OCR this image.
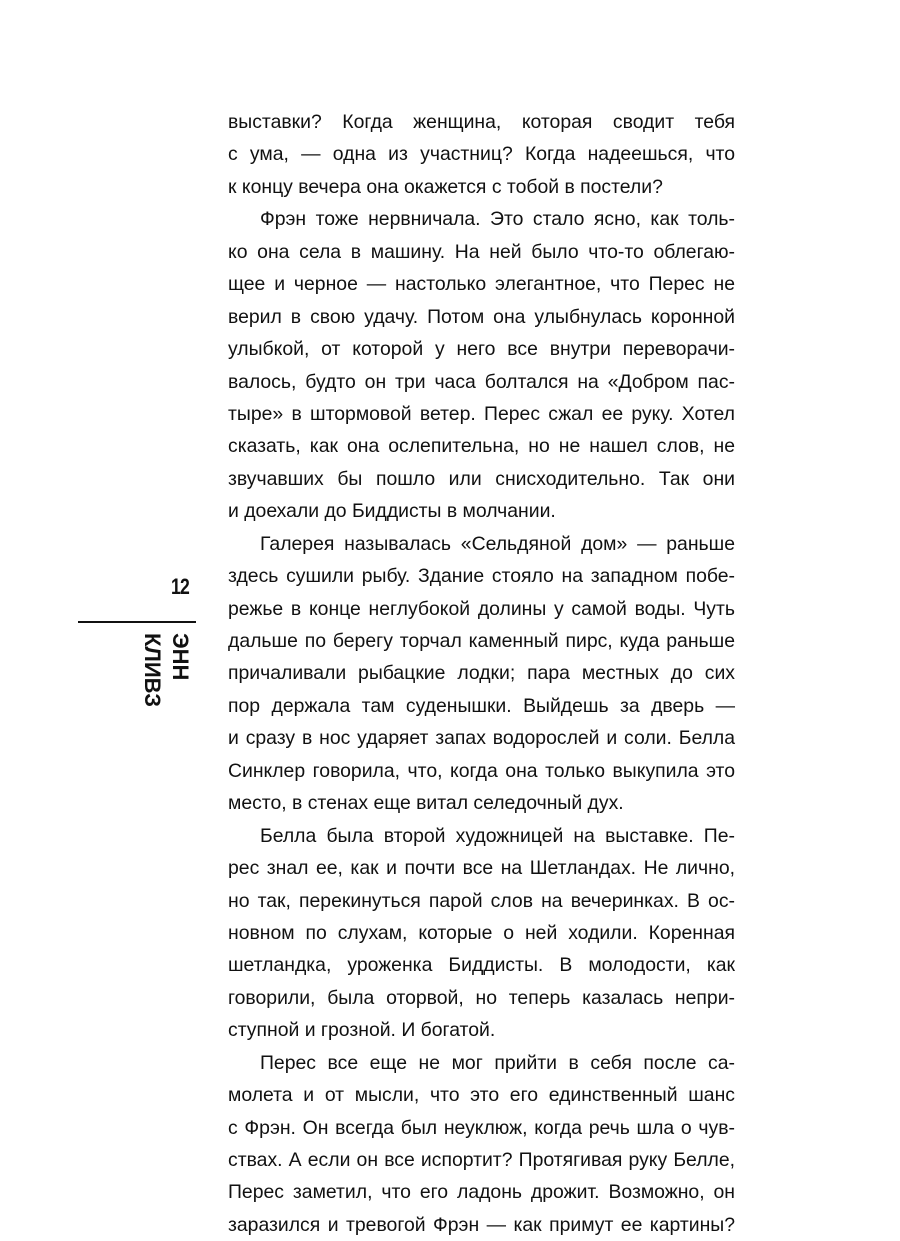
выставки? Когда женщина, которая сводит тебя
с ума, — одна из участниц? Когда надеешься, что
к концу вечера она окажется с тобой в постели?
Фрэн тоже нервничала. Это стало ясно, как толь-
ко она села в машину. На ней было что-то облегаю-
щее и черное — настолько элегантное, что Перес не
верил в свою удачу. Потом она улыбнулась коронной
улыбкой, от которой у него все внутри переворачи-
валось, будто он три часа болтался на «Добром пас-
тыре» в штормовой ветер. Перес сжал ее руку. Хотел
сказать, как она ослепительна, но не нашел слов, не
звучавших бы пошло или снисходительно. Так они
и доехали до Биддисты в молчании.
Галерея называлась «Сельдяной дом» — раньше
здесь сушили рыбу. Здание стояло на западном побе-
режье в конце неглубокой долины у самой воды. Чуть
дальше по берегу торчал каменный пирс, куда раньше
причаливали рыбацкие лодки; пара местных до сих
пор держала там суденышки. Выйдешь за дверь —
и сразу в нос ударяет запах водорослей и соли. Белла
Синклер говорила, что, когда она только выкупила это
место, в стенах еще витал селедочный дух.
Белла была второй художницей на выставке. Пе-
рес знал ее, как и почти все на Шетландах. Не лично,
но так, перекинуться парой слов на вечеринках. В ос-
новном по слухам, которые о ней ходили. Коренная
шетландка, уроженка Биддисты. В молодости, как
говорили, была оторвой, но теперь казалась непри-
ступной и грозной. И богатой.
Перес все еще не мог прийти в себя после са-
молета и от мысли, что это его единственный шанс
с Фрэн. Он всегда был неуклюж, когда речь шла о чув-
ствах. А если он все испортит? Протягивая руку Белле,
Перес заметил, что его ладонь дрожит. Возможно, он
заразился и тревогой Фрэн — как примут ее картины?
12
ЭНН КЛИВЗ
